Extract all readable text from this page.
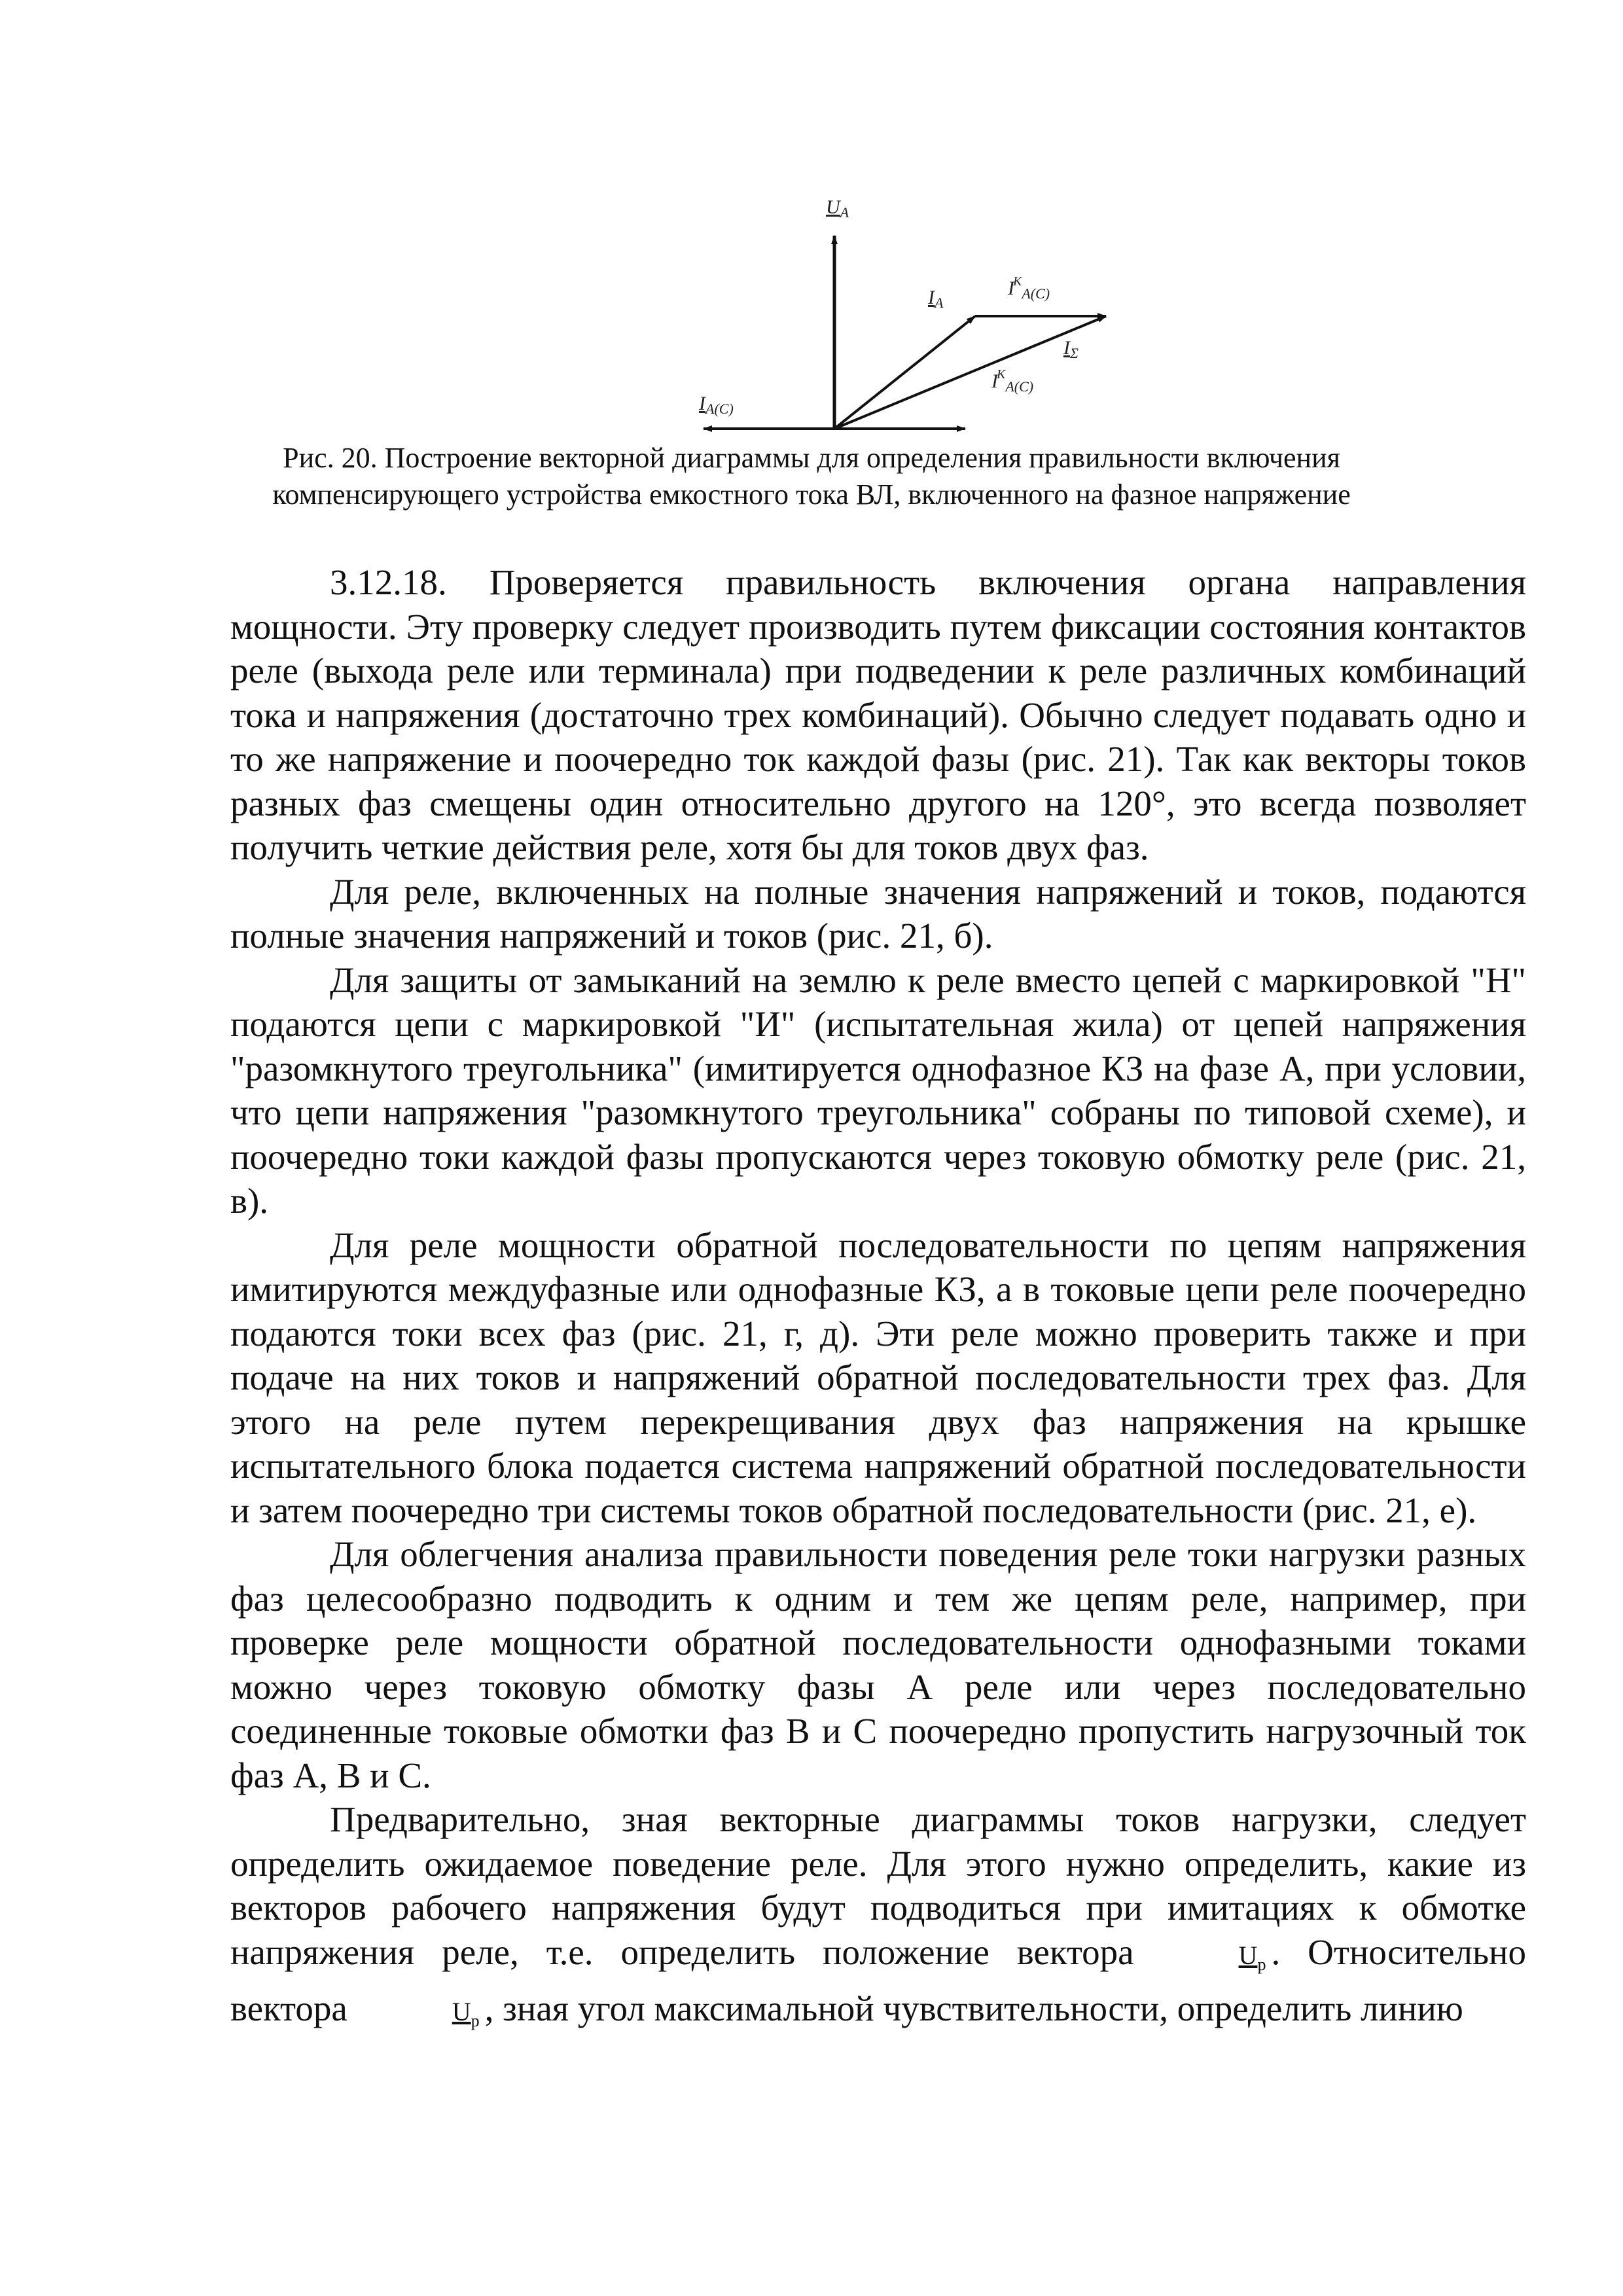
$U_A$
$I_A$
$I^K_{A(C)}$
$I_\Sigma$
$I^K_{A(C)}$
$I_{A(C)}$
Рис. 20. Построение векторной диаграммы для определения правильности включения
компенсирующего устройства емкостного тока ВЛ, включенного на фазное напряжение

3.12.18. Проверяется правильность включения органа направления мощности. Эту проверку следует производить путем фиксации состояния контактов реле (выхода реле или терминала) при подведении к реле различных комбинаций тока и напряжения (достаточно трех комбинаций). Обычно следует подавать одно и то же напряжение и поочередно ток каждой фазы (рис. 21). Так как векторы токов разных фаз смещены один относительно другого на 120°, это всегда позволяет получить четкие действия реле, хотя бы для токов двух фаз.

Для реле, включенных на полные значения напряжений и токов, подаются полные значения напряжений и токов (рис. 21, б).

Для защиты от замыканий на землю к реле вместо цепей с маркировкой "Н" подаются цепи с маркировкой "И" (испытательная жила) от цепей напряжения "разомкнутого треугольника" (имитируется однофазное КЗ на фазе А, при условии, что цепи напряжения "разомкнутого треугольника" собраны по типовой схеме), и поочередно токи каждой фазы пропускаются через токовую обмотку реле (рис. 21, в).

Для реле мощности обратной последовательности по цепям напряжения имитируются междуфазные или однофазные КЗ, а в токовые цепи реле поочередно подаются токи всех фаз (рис. 21, г, д). Эти реле можно проверить также и при подаче на них токов и напряжений обратной последовательности трех фаз. Для этого на реле путем перекрещивания двух фаз напряжения на крышке испытательного блока подается система напряжений обратной последовательности и затем поочередно три системы токов обратной последовательности (рис. 21, е).

Для облегчения анализа правильности поведения реле токи нагрузки разных фаз целесообразно подводить к одним и тем же цепям реле, например, при проверке реле мощности обратной последовательности однофазными токами можно через токовую обмотку фазы А реле или через последовательно соединенные токовые обмотки фаз В и С поочередно пропустить нагрузочный ток фаз А, В и С.

Предварительно, зная векторные диаграммы токов нагрузки, следует определить ожидаемое поведение реле. Для этого нужно определить, какие из векторов рабочего напряжения будут подводиться при имитациях к обмотке напряжения реле, т.е. определить положение вектора	$U_р$ . Относительно вектора	$U_р$ , зная угол максимальной чувствительности, определить линию
